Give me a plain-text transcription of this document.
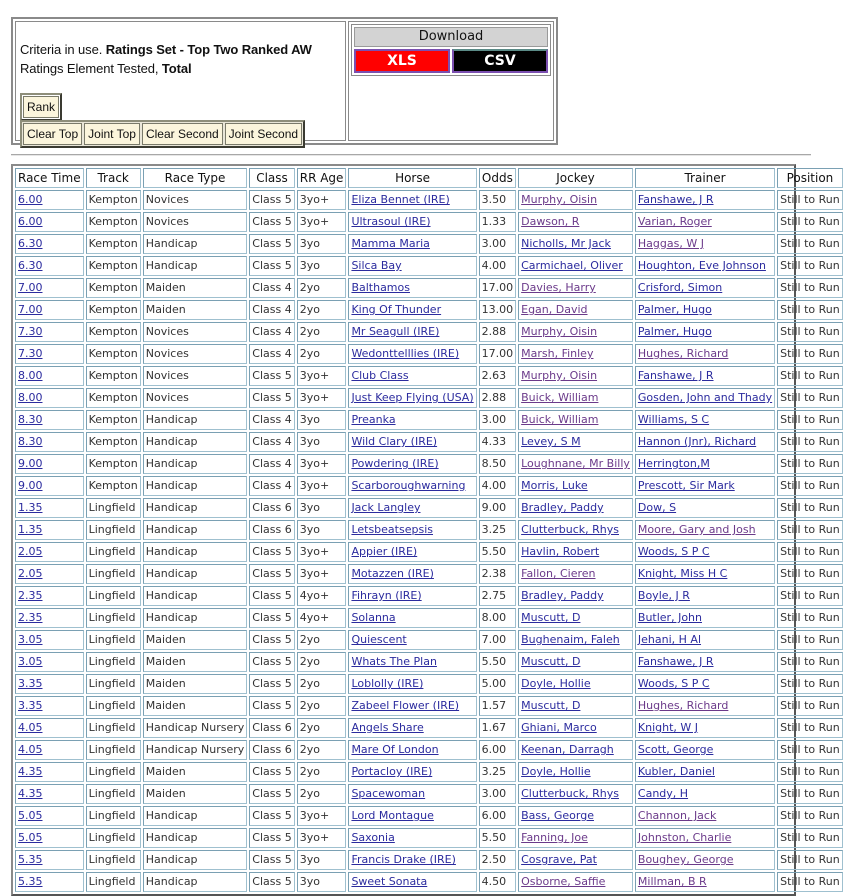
Criteria in use. Ratings Set - Top Two Ranked AW
Ratings Element Tested, Total
Rank
Clear Top Joint Top Clear Second Joint Second
Download
XLS	CSV
Race Time	Track	Race Type	Class	RR Age	Horse	Odds	Jockey	Trainer	Position
6.00	Kempton	Novices	Class 5	3yo+	Eliza Bennet (IRE)	3.50	Murphy, Oisin	Fanshawe, J R	Still to Run
6.00	Kempton	Novices	Class 5	3yo+	Ultrasoul (IRE)	1.33	Dawson, R	Varian, Roger	Still to Run
6.30	Kempton	Handicap	Class 5	3yo	Mamma Maria	3.00	Nicholls, Mr Jack	Haggas, W J	Still to Run
6.30	Kempton	Handicap	Class 5	3yo	Silca Bay	4.00	Carmichael, Oliver	Houghton, Eve Johnson	Still to Run
7.00	Kempton	Maiden	Class 4	2yo	Balthamos	17.00	Davies, Harry	Crisford, Simon	Still to Run
7.00	Kempton	Maiden	Class 4	2yo	King Of Thunder	13.00	Egan, David	Palmer, Hugo	Still to Run
7.30	Kempton	Novices	Class 4	2yo	Mr Seagull (IRE)	2.88	Murphy, Oisin	Palmer, Hugo	Still to Run
7.30	Kempton	Novices	Class 4	2yo	Wedonttelllies (IRE)	17.00	Marsh, Finley	Hughes, Richard	Still to Run
8.00	Kempton	Novices	Class 5	3yo+	Club Class	2.63	Murphy, Oisin	Fanshawe, J R	Still to Run
8.00	Kempton	Novices	Class 5	3yo+	Just Keep Flying (USA)	2.88	Buick, William	Gosden, John and Thady	Still to Run
8.30	Kempton	Handicap	Class 4	3yo	Preanka	3.00	Buick, William	Williams, S C	Still to Run
8.30	Kempton	Handicap	Class 4	3yo	Wild Clary (IRE)	4.33	Levey, S M	Hannon (Jnr), Richard	Still to Run
9.00	Kempton	Handicap	Class 4	3yo+	Powdering (IRE)	8.50	Loughnane, Mr Billy	Herrington,M	Still to Run
9.00	Kempton	Handicap	Class 4	3yo+	Scarboroughwarning	4.00	Morris, Luke	Prescott, Sir Mark	Still to Run
1.35	Lingfield	Handicap	Class 6	3yo	Jack Langley	9.00	Bradley, Paddy	Dow, S	Still to Run
1.35	Lingfield	Handicap	Class 6	3yo	Letsbeatsepsis	3.25	Clutterbuck, Rhys	Moore, Gary and Josh	Still to Run
2.05	Lingfield	Handicap	Class 5	3yo+	Appier (IRE)	5.50	Havlin, Robert	Woods, S P C	Still to Run
2.05	Lingfield	Handicap	Class 5	3yo+	Motazzen (IRE)	2.38	Fallon, Cieren	Knight, Miss H C	Still to Run
2.35	Lingfield	Handicap	Class 5	4yo+	Fihrayn (IRE)	2.75	Bradley, Paddy	Boyle, J R	Still to Run
2.35	Lingfield	Handicap	Class 5	4yo+	Solanna	8.00	Muscutt, D	Butler, John	Still to Run
3.05	Lingfield	Maiden	Class 5	2yo	Quiescent	7.00	Bughenaim, Faleh	Jehani, H Al	Still to Run
3.05	Lingfield	Maiden	Class 5	2yo	Whats The Plan	5.50	Muscutt, D	Fanshawe, J R	Still to Run
3.35	Lingfield	Maiden	Class 5	2yo	Loblolly (IRE)	5.00	Doyle, Hollie	Woods, S P C	Still to Run
3.35	Lingfield	Maiden	Class 5	2yo	Zabeel Flower (IRE)	1.57	Muscutt, D	Hughes, Richard	Still to Run
4.05	Lingfield	Handicap Nursery	Class 6	2yo	Angels Share	1.67	Ghiani, Marco	Knight, W J	Still to Run
4.05	Lingfield	Handicap Nursery	Class 6	2yo	Mare Of London	6.00	Keenan, Darragh	Scott, George	Still to Run
4.35	Lingfield	Maiden	Class 5	2yo	Portacloy (IRE)	3.25	Doyle, Hollie	Kubler, Daniel	Still to Run
4.35	Lingfield	Maiden	Class 5	2yo	Spacewoman	3.00	Clutterbuck, Rhys	Candy, H	Still to Run
5.05	Lingfield	Handicap	Class 5	3yo+	Lord Montague	6.00	Bass, George	Channon, Jack	Still to Run
5.05	Lingfield	Handicap	Class 5	3yo+	Saxonia	5.50	Fanning, Joe	Johnston, Charlie	Still to Run
5.35	Lingfield	Handicap	Class 5	3yo	Francis Drake (IRE)	2.50	Cosgrave, Pat	Boughey, George	Still to Run
5.35	Lingfield	Handicap	Class 5	3yo	Sweet Sonata	4.50	Osborne, Saffie	Millman, B R	Still to Run
